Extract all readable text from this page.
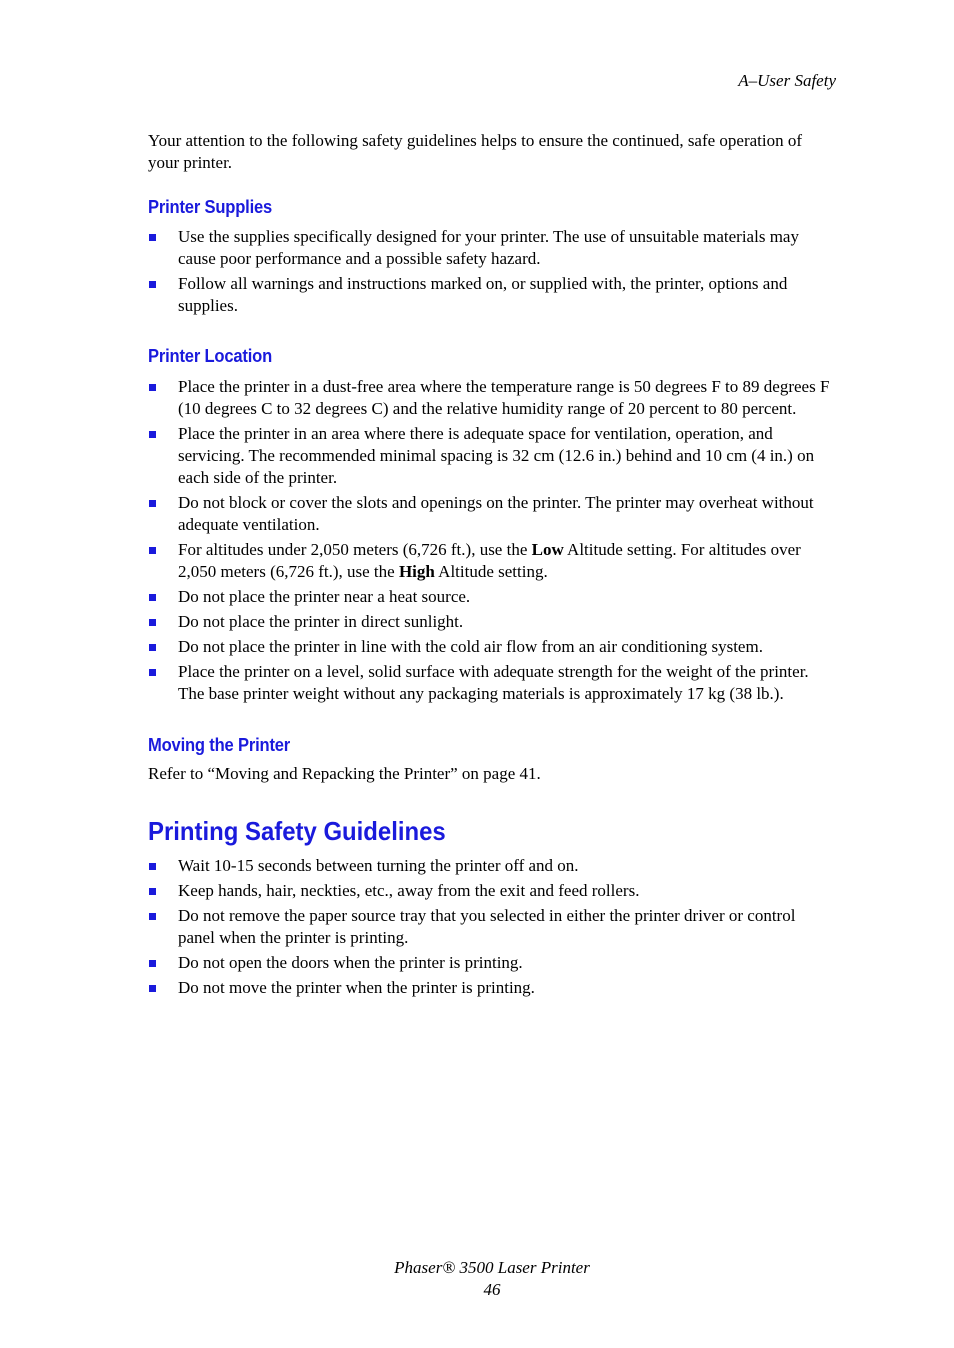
A–User Safety

Your attention to the following safety guidelines helps to ensure the continued, safe operation of your printer.

Printer Supplies
Use the supplies specifically designed for your printer. The use of unsuitable materials may cause poor performance and a possible safety hazard.
Follow all warnings and instructions marked on, or supplied with, the printer, options and supplies.
Printer Location
Place the printer in a dust-free area where the temperature range is 50 degrees F to 89 degrees F (10 degrees C to 32 degrees C) and the relative humidity range of 20 percent to 80 percent.
Place the printer in an area where there is adequate space for ventilation, operation, and servicing. The recommended minimal spacing is 32 cm (12.6 in.) behind and 10 cm (4 in.) on each side of the printer.
Do not block or cover the slots and openings on the printer. The printer may overheat without adequate ventilation.
For altitudes under 2,050 meters (6,726 ft.), use the Low Altitude setting. For altitudes over 2,050 meters (6,726 ft.), use the High Altitude setting.
Do not place the printer near a heat source.
Do not place the printer in direct sunlight.
Do not place the printer in line with the cold air flow from an air conditioning system.
Place the printer on a level, solid surface with adequate strength for the weight of the printer. The base printer weight without any packaging materials is approximately 17 kg (38 lb.).
Moving the Printer

Refer to “Moving and Repacking the Printer” on page 41.

Printing Safety Guidelines
Wait 10-15 seconds between turning the printer off and on.
Keep hands, hair, neckties, etc., away from the exit and feed rollers.
Do not remove the paper source tray that you selected in either the printer driver or control panel when the printer is printing.
Do not open the doors when the printer is printing.
Do not move the printer when the printer is printing.
Phaser® 3500 Laser Printer
46
